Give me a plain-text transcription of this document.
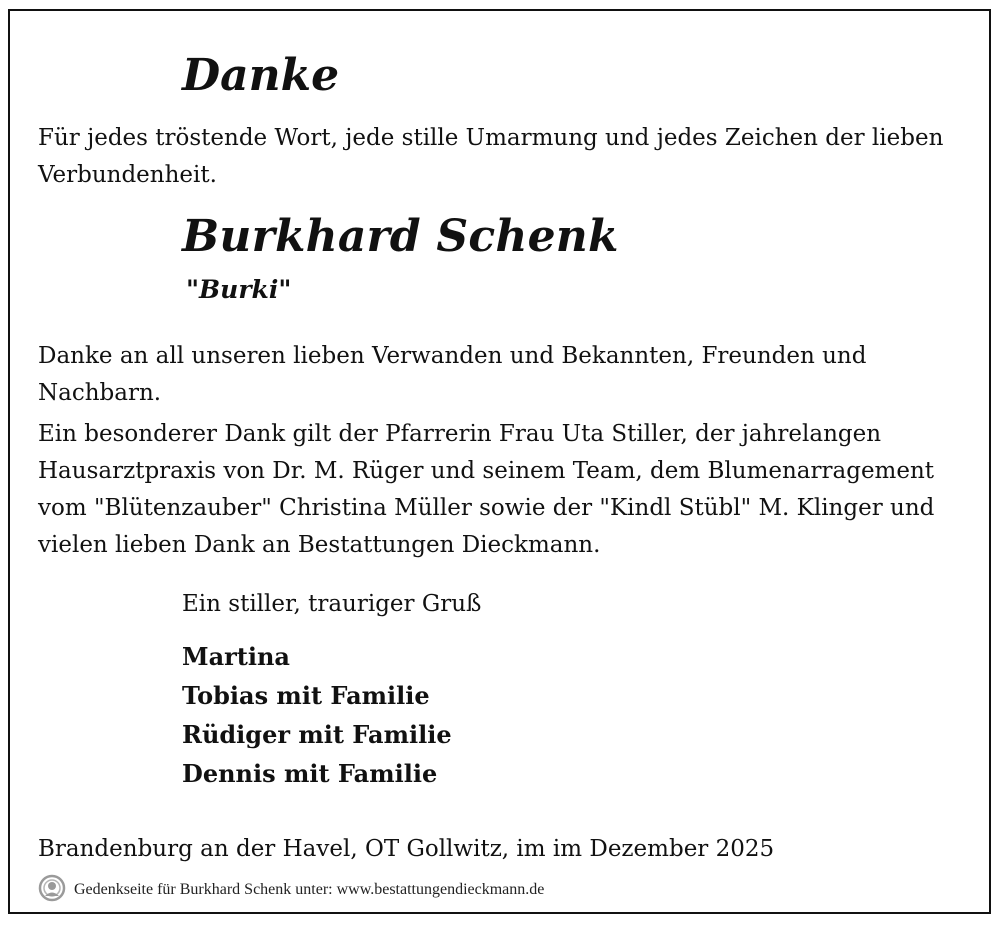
Danke
Für jedes tröstende Wort, jede stille Umarmung und jedes Zeichen der lieben Verbundenheit.
Burkhard Schenk
"Burki"
Danke an all unseren lieben Verwanden und Bekannten, Freunden und Nachbarn.
Ein besonderer Dank gilt der Pfarrerin Frau Uta Stiller, der jahrelangen Hausarztpraxis von Dr. M. Rüger und seinem Team, dem Blumenarragement vom "Blütenzauber" Christina Müller sowie der "Kindl Stübl" M. Klinger und vielen lieben Dank an Bestattungen Dieckmann.
Ein stiller, trauriger Gruß
Martina
Tobias mit Familie
Rüdiger mit Familie
Dennis mit Familie
Brandenburg an der Havel, OT Gollwitz, im im Dezember 2025
Gedenkseite für Burkhard Schenk unter: www.bestattungendieckmann.de
